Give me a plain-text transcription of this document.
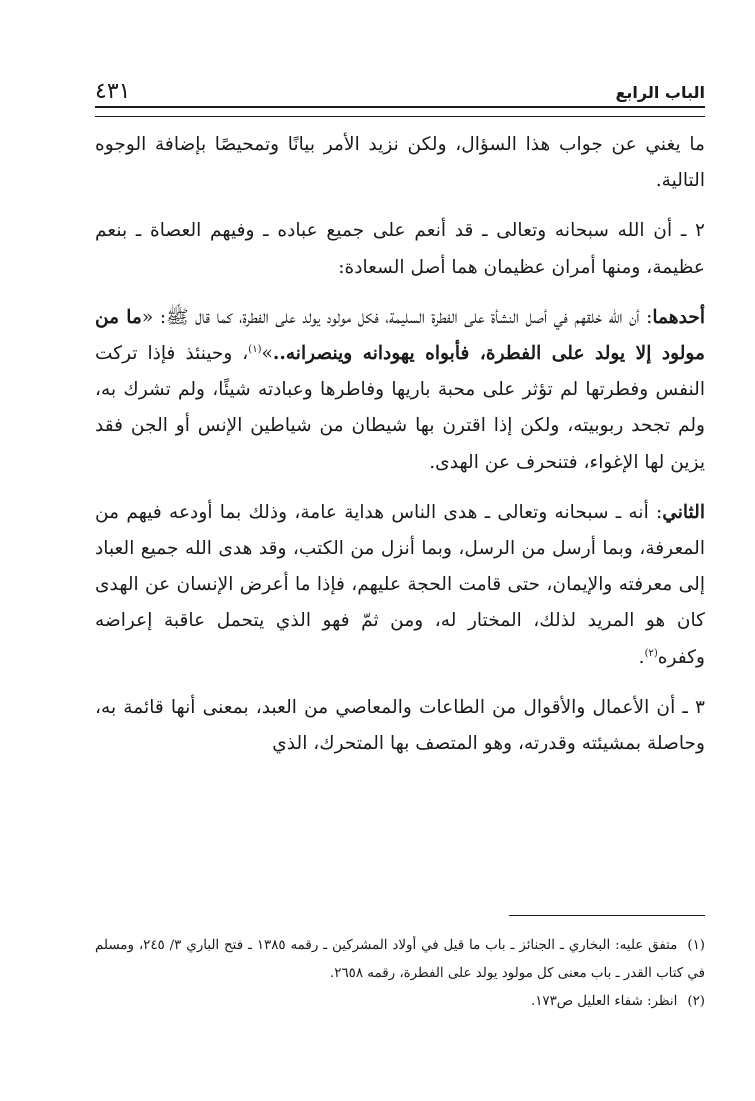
الباب الرابع
٤٣١

ما يغني عن جواب هذا السؤال، ولكن نزيد الأمر بيانًا وتمحيصًا بإضافة الوجوه التالية.

٢ ـ أن الله سبحانه وتعالى ـ قد أنعم على جميع عباده ـ وفيهم العصاة ـ بنعم عظيمة، ومنها أمران عظيمان هما أصل السعادة:

أحدهما: أن الله خلقهم في أصل النشأة على الفطرة السليمة، فكل مولود يولد على الفطرة، كما قال ﷺ: «ما من مولود إلا يولد على الفطرة، فأبواه يهودانه وينصرانه..»$^{(١)}$، وحينئذ فإذا تركت النفس وفطرتها لم تؤثر على محبة باريها وفاطرها وعبادته شيئًا، ولم تشرك به، ولم تجحد ربوبيته، ولكن إذا اقترن بها شيطان من شياطين الإنس أو الجن فقد يزين لها الإغواء، فتنحرف عن الهدى.

الثاني: أنه ـ سبحانه وتعالى ـ هدى الناس هداية عامة، وذلك بما أودعه فيهم من المعرفة، وبما أرسل من الرسل، وبما أنزل من الكتب، وقد هدى الله جميع العباد إلى معرفته والإيمان، حتى قامت الحجة عليهم، فإذا ما أعرض الإنسان عن الهدى كان هو المريد لذلك، المختار له، ومن ثمّ فهو الذي يتحمل عاقبة إعراضه وكفره$^{(٢)}$.

٣ ـ أن الأعمال والأقوال من الطاعات والمعاصي من العبد، بمعنى أنها قائمة به، وحاصلة بمشيئته وقدرته، وهو المتصف بها المتحرك، الذي

(١)متفق عليه: البخاري ـ الجنائز ـ باب ما قيل في أولاد المشركين ـ رقمه ١٣٨٥ ـ فتح الباري ٣/ ٢٤٥، ومسلم في كتاب القدر ـ باب معنى كل مولود يولد على الفطرة، رقمه ٢٦٥٨.

(٢)انظر: شفاء العليل ص١٧٣.
